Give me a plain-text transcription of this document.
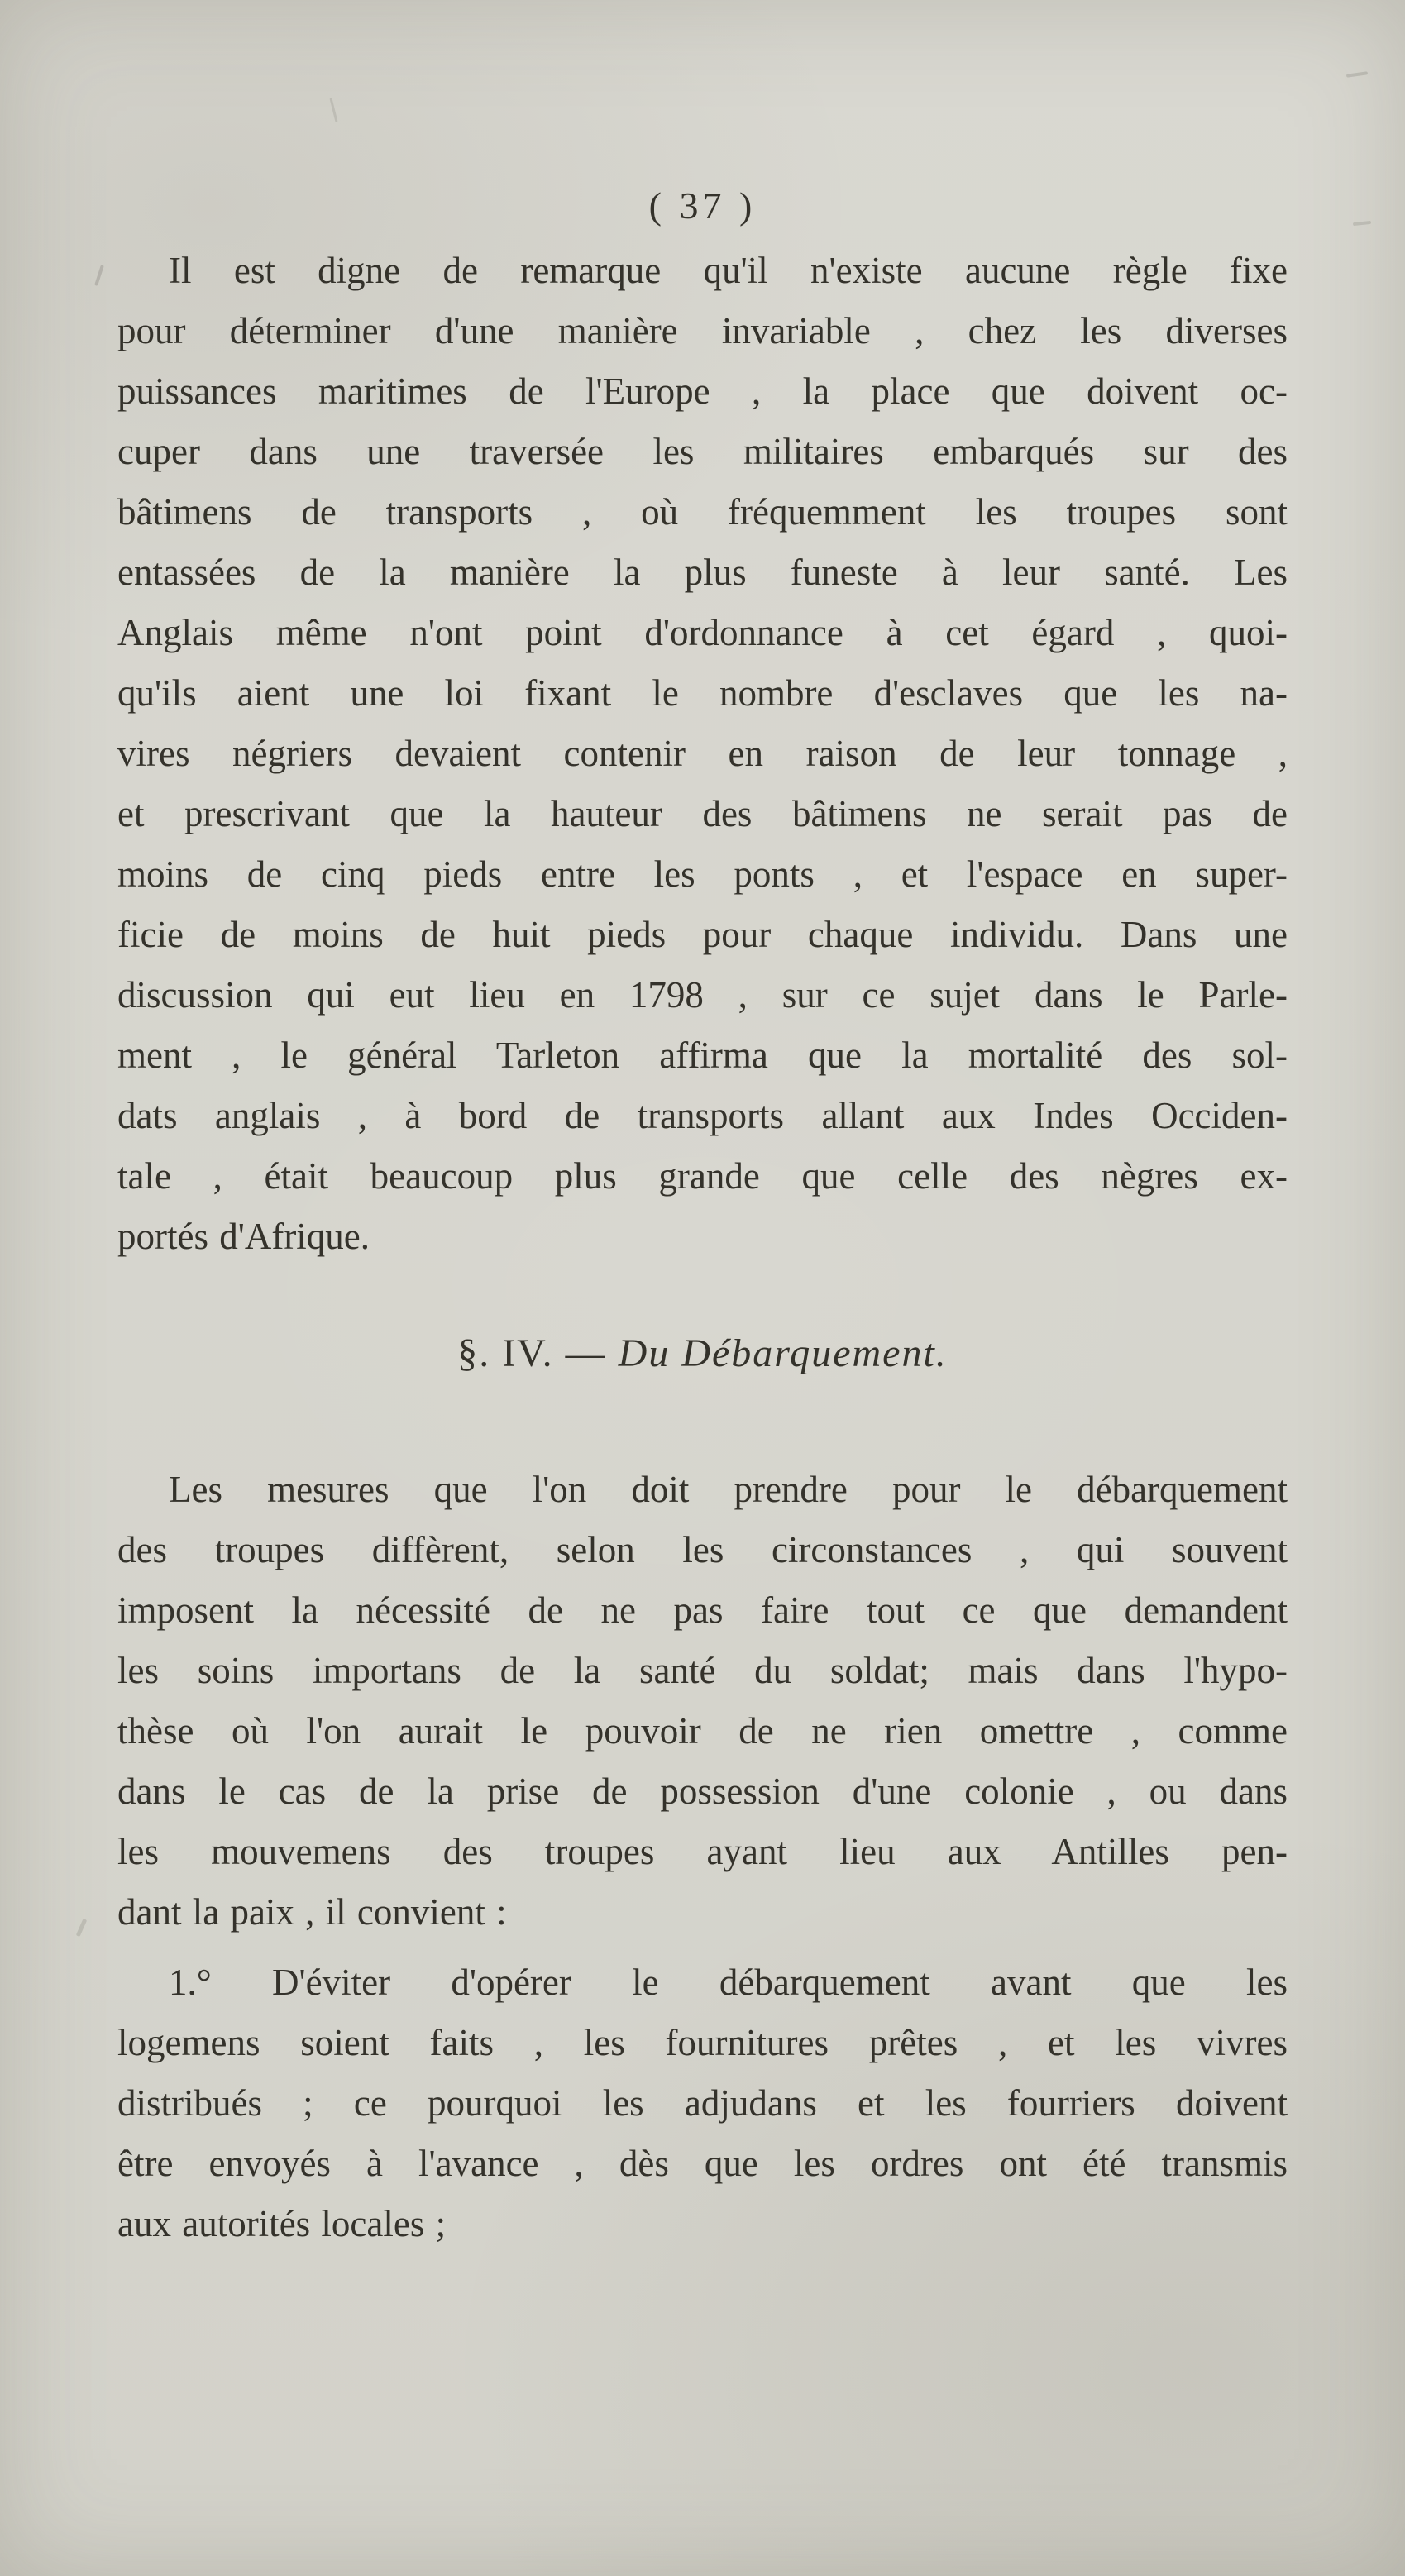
( 37 )
Il est digne de remarque qu'il n'existe aucune règle fixe
pour déterminer d'une manière invariable , chez les diverses
puissances maritimes de l'Europe , la place que doivent oc-
cuper dans une traversée les militaires embarqués sur des
bâtimens de transports , où fréquemment les troupes sont
entassées de la manière la plus funeste à leur santé. Les
Anglais même n'ont point d'ordonnance à cet égard , quoi-
qu'ils aient une loi fixant le nombre d'esclaves que les na-
vires négriers devaient contenir en raison de leur tonnage ,
et prescrivant que la hauteur des bâtimens ne serait pas de
moins de cinq pieds entre les ponts , et l'espace en super-
ficie de moins de huit pieds pour chaque individu. Dans une
discussion qui eut lieu en 1798 , sur ce sujet dans le Parle-
ment , le général Tarleton affirma que la mortalité des sol-
dats anglais , à bord de transports allant aux Indes Occiden-
tale , était beaucoup plus grande que celle des nègres ex-
portés d'Afrique.
§. IV. — Du Débarquement.
Les mesures que l'on doit prendre pour le débarquement
des troupes diffèrent, selon les circonstances , qui souvent
imposent la nécessité de ne pas faire tout ce que demandent
les soins importans de la santé du soldat; mais dans l'hypo-
thèse où l'on aurait le pouvoir de ne rien omettre , comme
dans le cas de la prise de possession d'une colonie , ou dans
les mouvemens des troupes ayant lieu aux Antilles pen-
dant la paix , il convient :
1.° D'éviter d'opérer le débarquement avant que les
logemens soient faits , les fournitures prêtes , et les vivres
distribués ; ce pourquoi les adjudans et les fourriers doivent
être envoyés à l'avance , dès que les ordres ont été transmis
aux autorités locales ;
